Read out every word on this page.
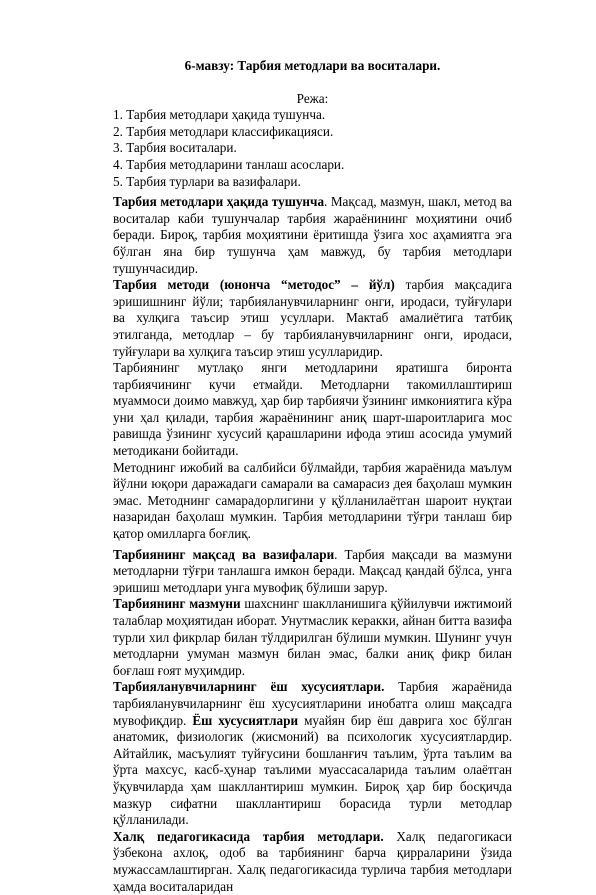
6-мавзу: Тарбия методлари ва воситалари.

Режа:

1. Тарбия методлари ҳақида тушунча.
2. Тарбия методлари классификацияси.
3. Тарбия воситалари.
4. Тарбия методларини танлаш асослари.
5. Тарбия турлари ва вазифалари.

Тарбия методлари ҳақида тушунча. Мақсад, мазмун, шакл, метод ва воситалар каби тушунчалар тарбия жараёнининг моҳиятини очиб беради. Бироқ, тарбия моҳиятини ёритишда ўзига хос аҳамиятга эга бўлган яна бир тушунча ҳам мавжуд, бу тарбия методлари тушунчасидир.

Тарбия методи (юнонча “методос” – йўл) тарбия мақсадига эришишнинг йўли; тарбияланувчиларнинг онги, иродаси, туйғулари ва хулқига таъсир этиш усуллари. Мактаб амалиётига татбиқ этилганда, методлар – бу тарбияланувчиларнинг онги, иродаси, туйғулари ва хулқига таъсир этиш усулларидир.

Тарбиянинг мутлақо янги методларини яратишга биронта тарбиячининг кучи етмайди. Методларни такомиллаштириш муаммоси доимо мавжуд, ҳар бир тарбиячи ўзининг имкониятига кўра уни ҳал қилади, тарбия жараёнининг аниқ шарт-шароитларига мос равишда ўзининг хусусий қарашларини ифода этиш асосида умумий методикани бойитади.

Методнинг ижобий ва салбийси бўлмайди, тарбия жараёнида маълум йўлни юқори даражадаги самарали ва самарасиз дея баҳолаш мумкин эмас. Методнинг самарадорлигини у қўлланилаётган шароит нуқтаи назаридан баҳолаш мумкин. Тарбия методларини тўғри танлаш бир қатор омилларга боғлиқ.

Тарбиянинг мақсад ва вазифалари. Тарбия мақсади ва мазмуни методларни тўғри танлашга имкон беради. Мақсад қандай бўлса, унга эришиш методлари унга мувофиқ бўлиши зарур.

Тарбиянинг мазмуни шахснинг шаклланишига қўйилувчи ижтимоий талаблар моҳиятидан иборат. Унутмаслик керакки, айнан битта вазифа турли хил фикрлар билан тўлдирилган бўлиши мумкин. Шунинг учун методларни умуман мазмун билан эмас, балки аниқ фикр билан боғлаш ғоят муҳимдир.

Тарбияланувчиларнинг ёш хусусиятлари. Тарбия жараёнида тарбияланувчиларнинг ёш хусусиятларини инобатга олиш мақсадга мувофиқдир. Ёш хусусиятлари муайян бир ёш даврига хос бўлган анатомик, физиологик (жисмоний) ва психологик хусусиятлардир. Айтайлик, масъулият туйғусини бошланғич таълим, ўрта таълим ва ўрта махсус, касб-ҳунар таълими муассасаларида таълим олаётган ўқувчиларда ҳам шакллантириш мумкин. Бироқ ҳар бир босқичда мазкур сифатни шакллантириш борасида турли методлар қўлланилади.

Халқ педагогикасида тарбия методлари. Халқ педагогикаси ўзбекона ахлоқ, одоб ва тарбиянинг барча қирраларини ўзида мужассамлаштирган. Халқ педагогикасида турлича тарбия методлари ҳамда воситаларидан
